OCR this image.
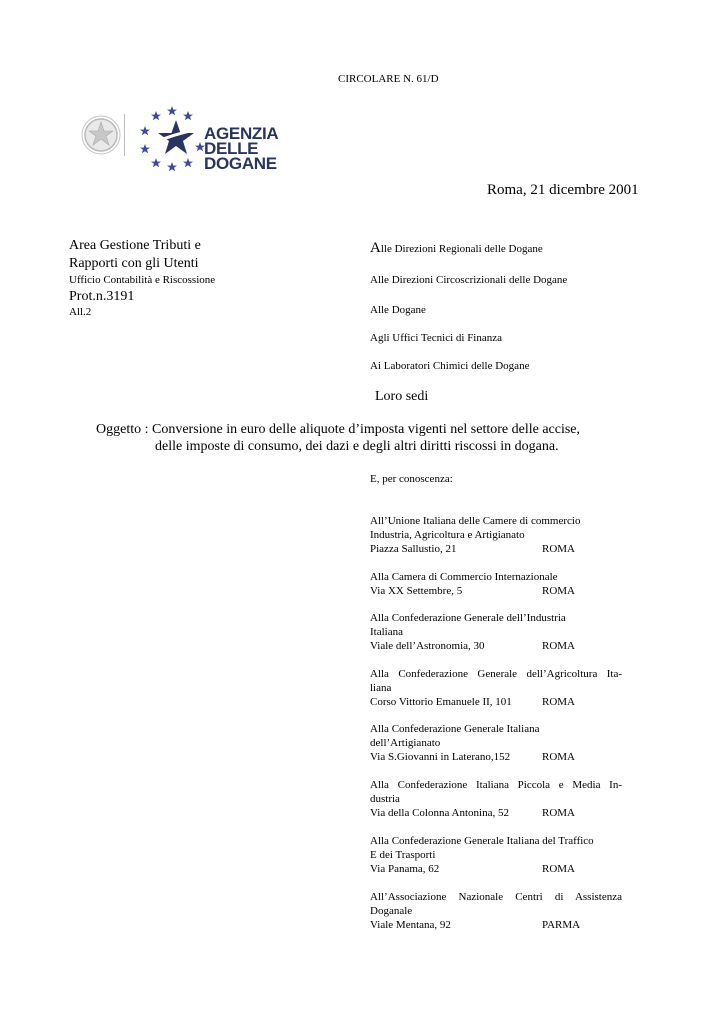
CIRCOLARE N. 61/D
AGENZIA
DELLE
DOGANE
Roma, 21 dicembre 2001
Area Gestione Tributi e
Rapporti con gli Utenti
Ufficio Contabilità e Riscossione
Prot.n.3191
All.2
Alle Direzioni Regionali delle Dogane
Alle Direzioni Circoscrizionali delle Dogane
Alle Dogane
Agli Uffici Tecnici di Finanza
Ai Laboratori Chimici delle Dogane
Loro sedi
Oggetto : Conversione in euro delle aliquote d’imposta vigenti nel settore delle accise,
delle imposte di consumo, dei dazi e degli altri diritti riscossi in dogana.
E, per conoscenza:
All’Unione Italiana delle Camere di commercio
Industria, Agricoltura e Artigianato
Piazza Sallustio, 21	ROMA

Alla Camera di Commercio Internazionale
Via XX Settembre, 5	ROMA

Alla Confederazione Generale dell’Industria
Italiana
Viale dell’Astronomia, 30	ROMA

Alla Confederazione Generale dell’Agricoltura Ita-
liana
Corso Vittorio Emanuele II, 101	ROMA

Alla Confederazione Generale Italiana
dell’Artigianato
Via S.Giovanni in Laterano,152	ROMA

Alla Confederazione Italiana Piccola e Media In-
dustria
Via della Colonna Antonina, 52	ROMA

Alla Confederazione Generale Italiana del Traffico
E dei Trasporti
Via Panama, 62	ROMA

All’Associazione Nazionale Centri di Assistenza
Doganale
Viale Mentana, 92	PARMA
